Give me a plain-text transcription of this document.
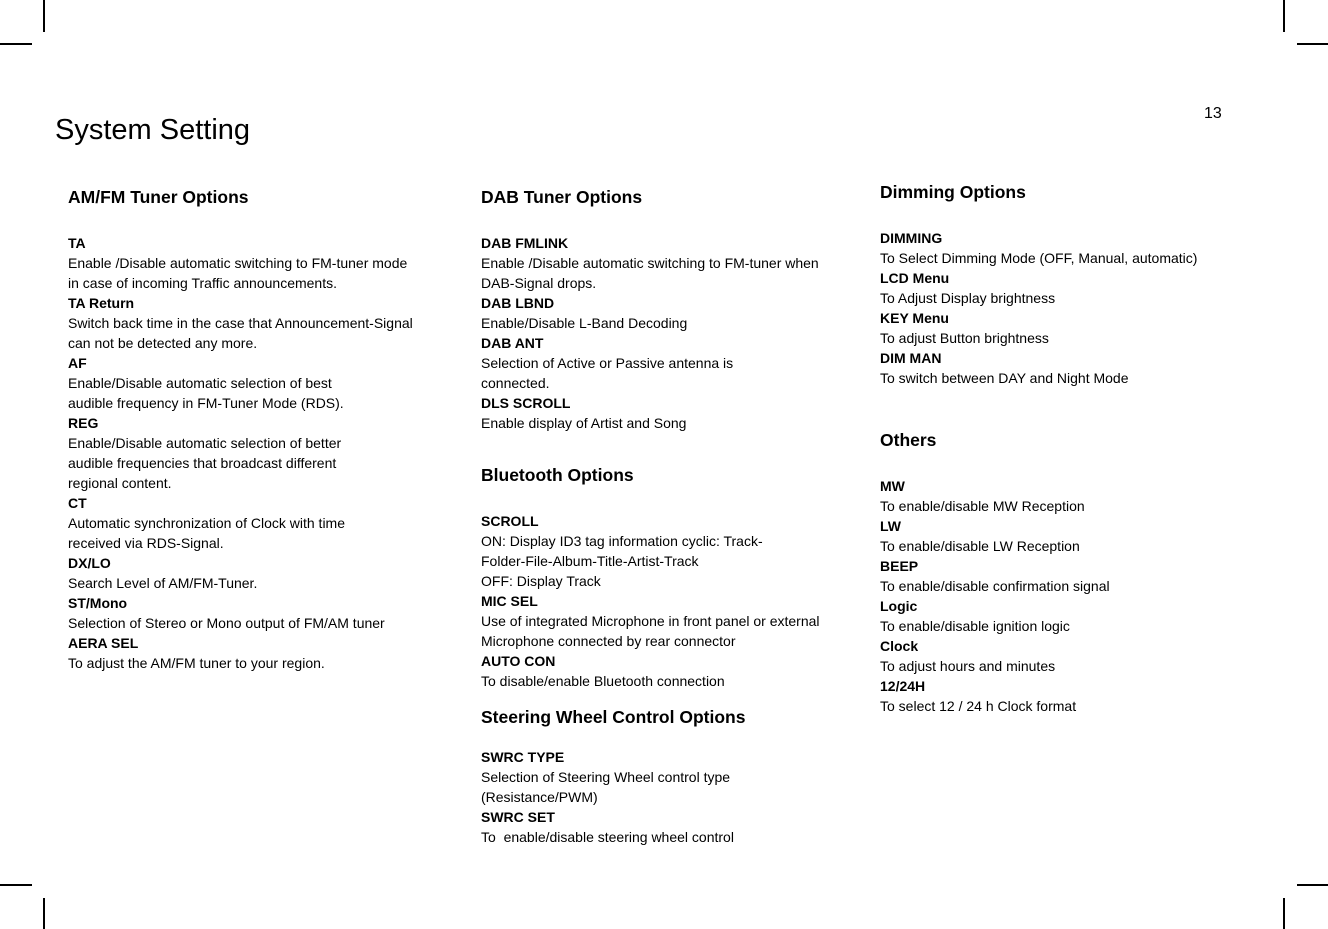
System Setting
13
AM/FM Tuner Options
TA
Enable /Disable automatic switching to FM-tuner mode in case of incoming Traffic announcements.
TA Return
Switch back time in the case that Announcement-Signal can not be detected any more.
AF
Enable/Disable automatic selection of best audible frequency in FM-Tuner Mode (RDS).
REG
Enable/Disable automatic selection of better audible frequencies that broadcast different regional content.
CT
Automatic synchronization of Clock with time received via RDS-Signal.
DX/LO
Search Level of AM/FM-Tuner.
ST/Mono
Selection of Stereo or Mono output of FM/AM tuner
AERA SEL
To adjust the AM/FM tuner to your region.
DAB Tuner Options
DAB FMLINK
Enable /Disable automatic switching to FM-tuner when DAB-Signal drops.
DAB LBND
Enable/Disable L-Band Decoding
DAB ANT
Selection of Active or Passive antenna is connected.
DLS SCROLL
Enable display of Artist and Song
Bluetooth Options
SCROLL
ON: Display ID3 tag information cyclic: Track-Folder-File-Album-Title-Artist-Track
OFF: Display Track
MIC SEL
Use of integrated Microphone in front panel or external Microphone connected by rear connector
AUTO CON
To disable/enable Bluetooth connection
Steering Wheel Control Options
SWRC TYPE
Selection of Steering Wheel control type (Resistance/PWM)
SWRC SET
To  enable/disable steering wheel control
Dimming Options
DIMMING
To Select Dimming Mode (OFF, Manual, automatic)
LCD Menu
To Adjust Display brightness
KEY Menu
To adjust Button brightness
DIM MAN
To switch between DAY and Night Mode
Others
MW
To enable/disable MW Reception
LW
To enable/disable LW Reception
BEEP
To enable/disable confirmation signal
Logic
To enable/disable ignition logic
Clock
To adjust hours and minutes
12/24H
To select 12 / 24 h Clock format
